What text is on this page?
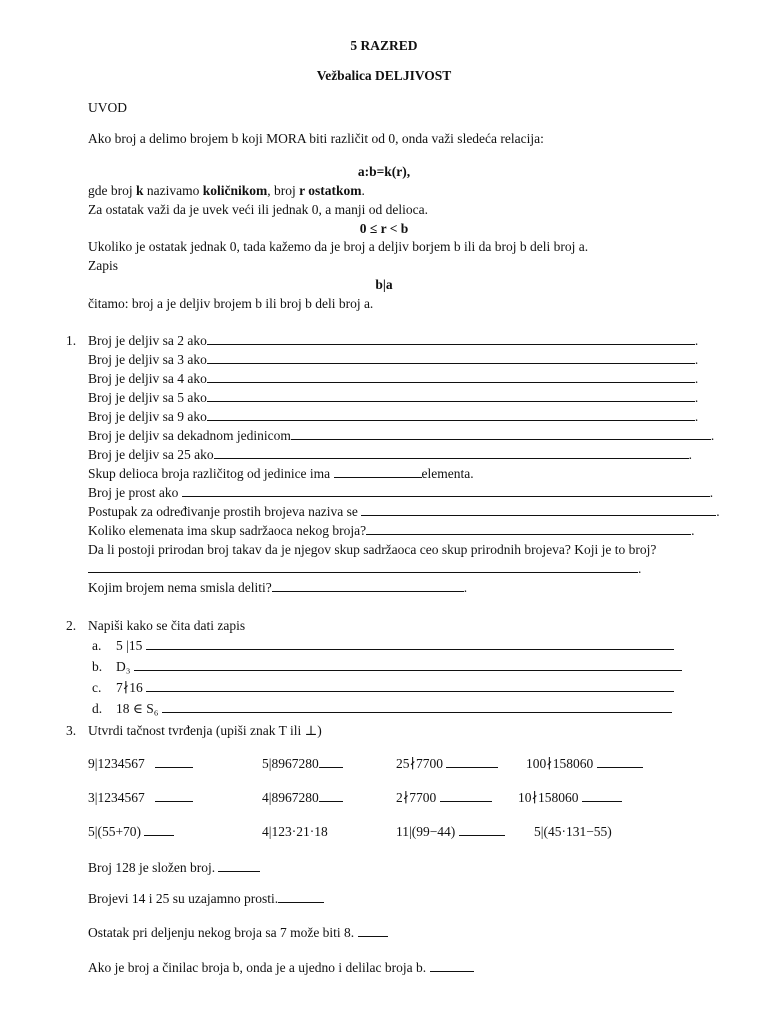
5 RAZRED
Vežbalica DELJIVOST
UVOD
Ako broj a delimo brojem b koji MORA biti različit od 0, onda važi sledeća relacija:
a:b=k(r),
gde broj k nazivamo količnikom, broj r ostatkom.
Za ostatak važi da je uvek veći ili jednak 0, a manji od delioca.
0 ≤ r < b
Ukoliko je ostatak jednak 0, tada kažemo da je broj a deljiv borjem b ili da broj b deli broj a.
Zapis
b|a
čitamo: broj a je deljiv brojem b ili broj b deli broj a.
1. Broj je deljiv sa 2 ako	.
Broj je deljiv sa 3 ako	.
Broj je deljiv sa 4 ako	.
Broj je deljiv sa 5 ako	.
Broj je deljiv sa 9 ako	.
Broj je deljiv sa dekadnom jedinicom	.
Broj je deljiv sa 25 ako	.
Skup delioca broja različitog od jedinice ima	elementa.
Broj je prost ako	.
Postupak za određivanje prostih brojeva naziva se	.
Koliko elemenata ima skup sadržaoca nekog broja?	.
Da li postoji prirodan broj takav da je njegov skup sadržaoca ceo skup prirodnih brojeva? Koji je to broj?
.
Kojim brojem nema smisla deliti?	.
2. Napiši kako se čita dati zapis
a. 5 |15
b. D₃
c. 7∤16
d. 18 ∈ S₆
3. Utvrdi tačnost tvrđenja (upiši znak T ili ⊥)
9|1234567	5|8967280	25∤7700	100∤158060
3|1234567	4|8967280	2∤7700	10∤158060
5|(55+70)	4|123·21·18	11|(99−44)	5|(45·131−55)
Broj 128 je složen broj.
Brojevi 14 i 25 su uzajamno prosti.
Ostatak pri deljenju nekog broja sa 7 može biti 8.
Ako je broj a činilac broja b, onda je a ujedno i delilac broja b.
